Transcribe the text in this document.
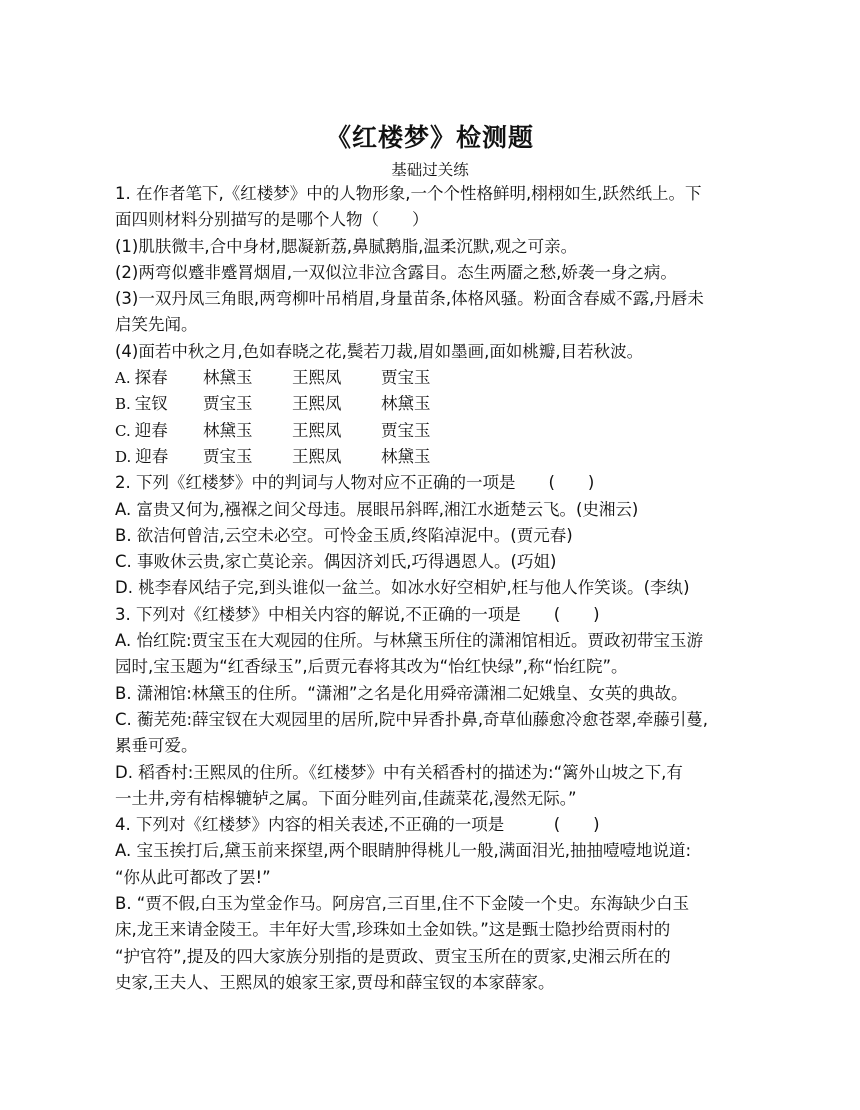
《红楼梦》检测题
基础过关练
1. 在作者笔下,《红楼梦》中的人物形象,一个个性格鲜明,栩栩如生,跃然纸上。下
面四则材料分别描写的是哪个人物（　　）
(1)肌肤微丰,合中身材,腮凝新荔,鼻腻鹅脂,温柔沉默,观之可亲。
(2)两弯似蹙非蹙罥烟眉,一双似泣非泣含露目。态生两靥之愁,娇袭一身之病。
(3)一双丹凤三角眼,两弯柳叶吊梢眉,身量苗条,体格风骚。粉面含春威不露,丹唇未
启笑先闻。
(4)面若中秋之月,色如春晓之花,鬓若刀裁,眉如墨画,面如桃瓣,目若秋波。
A. 探春 林黛玉 王熙凤 贾宝玉
B. 宝钗 贾宝玉 王熙凤 林黛玉
C. 迎春 林黛玉 王熙凤 贾宝玉
D. 迎春 贾宝玉 王熙凤 林黛玉
2. 下列《红楼梦》中的判词与人物对应不正确的一项是　　(　　)
A. 富贵又何为,襁褓之间父母违。展眼吊斜晖,湘江水逝楚云飞。(史湘云)
B. 欲洁何曾洁,云空未必空。可怜金玉质,终陷淖泥中。(贾元春)
C. 事败休云贵,家亡莫论亲。偶因济刘氏,巧得遇恩人。(巧姐)
D. 桃李春风结子完,到头谁似一盆兰。如冰水好空相妒,枉与他人作笑谈。(李纨)
3. 下列对《红楼梦》中相关内容的解说,不正确的一项是　　(　　)
A. 怡红院:贾宝玉在大观园的住所。与林黛玉所住的潇湘馆相近。贾政初带宝玉游
园时,宝玉题为“红香绿玉”,后贾元春将其改为“怡红快绿”,称“怡红院”。
B. 潇湘馆:林黛玉的住所。“潇湘”之名是化用舜帝潇湘二妃娥皇、女英的典故。
C. 蘅芜苑:薛宝钗在大观园里的居所,院中异香扑鼻,奇草仙藤愈冷愈苍翠,牵藤引蔓,
累垂可爱。
D. 稻香村:王熙凤的住所。《红楼梦》中有关稻香村的描述为:“篱外山坡之下,有
一土井,旁有桔槔辘轳之属。下面分畦列亩,佳蔬菜花,漫然无际。”
4. 下列对《红楼梦》内容的相关表述,不正确的一项是　　　(　　)
A. 宝玉挨打后,黛玉前来探望,两个眼睛肿得桃儿一般,满面泪光,抽抽噎噎地说道:
“你从此可都改了罢!”
B. “贾不假,白玉为堂金作马。阿房宫,三百里,住不下金陵一个史。东海缺少白玉
床,龙王来请金陵王。丰年好大雪,珍珠如土金如铁。”这是甄士隐抄给贾雨村的
“护官符”,提及的四大家族分别指的是贾政、贾宝玉所在的贾家,史湘云所在的
史家,王夫人、王熙凤的娘家王家,贾母和薛宝钗的本家薛家。
